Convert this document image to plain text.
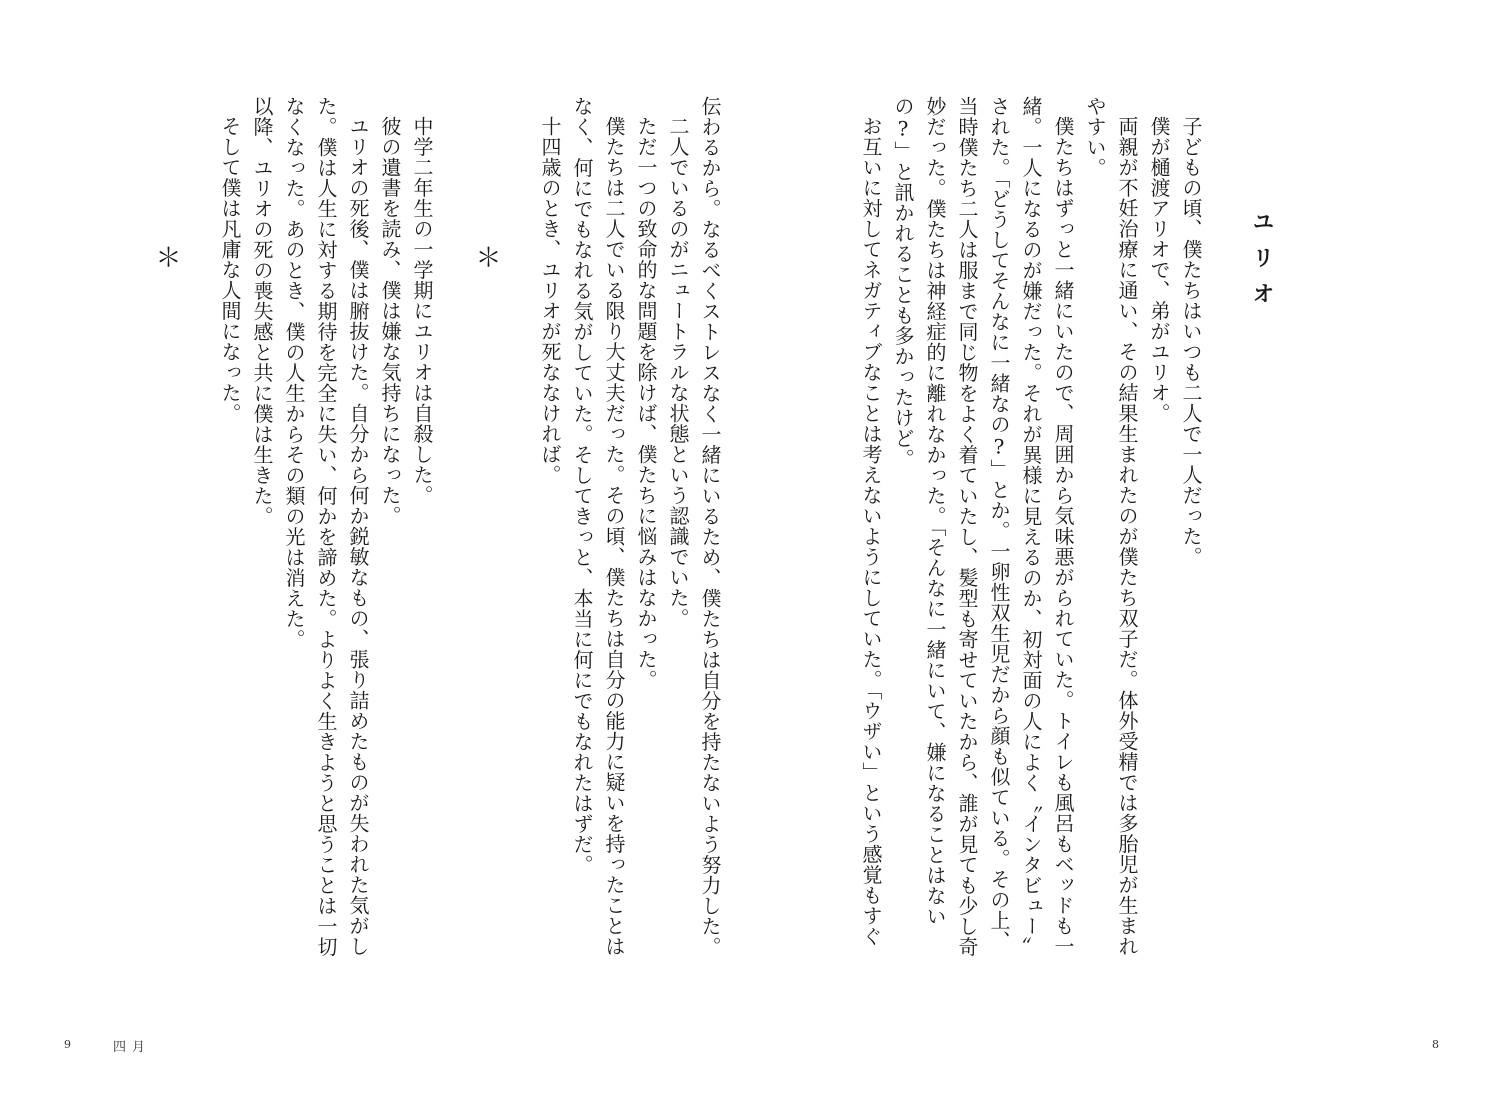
ユリオ
子どもの頃、僕たちはいつも二人で一人だった。
僕が樋渡アリオで、弟がユリオ。
両親が不妊治療に通い、その結果生まれたのが僕たち双子だ。体外受精では多胎児が生まれ
やすい。
僕たちはずっと一緒にいたので、周囲から気味悪がられていた。トイレも風呂もベッドも一
緒。一人になるのが嫌だった。それが異様に見えるのか、初対面の人によく〝インタビュー〟
された。「どうしてそんなに一緒なの?」とか。一卵性双生児だから顔も似ている。その上、
当時僕たち二人は服まで同じ物をよく着ていたし、髪型も寄せていたから、誰が見ても少し奇
妙だった。僕たちは神経症的に離れなかった。「そんなに一緒にいて、嫌になることはない
の?」と訊かれることも多かったけど。
お互いに対してネガティブなことは考えないようにしていた。「ウザい」という感覚もすぐ
伝わるから。なるべくストレスなく一緒にいるため、僕たちは自分を持たないよう努力した。
二人でいるのがニュートラルな状態という認識でいた。
ただ一つの致命的な問題を除けば、僕たちに悩みはなかった。
僕たちは二人でいる限り大丈夫だった。その頃、僕たちは自分の能力に疑いを持ったことは
なく、何にでもなれる気がしていた。そしてきっと、本当に何にでもなれたはずだ。
十四歳のとき、ユリオが死ななければ。
＊
中学二年生の一学期にユリオは自殺した。
彼の遺書を読み、僕は嫌な気持ちになった。
ユリオの死後、僕は腑抜けた。自分から何か鋭敏なもの、張り詰めたものが失われた気がし
た。僕は人生に対する期待を完全に失い、何かを諦めた。よりよく生きようと思うことは一切
なくなった。あのとき、僕の人生からその類の光は消えた。
以降、ユリオの死の喪失感と共に僕は生きた。
そして僕は凡庸な人間になった。
＊
9	四月	8
